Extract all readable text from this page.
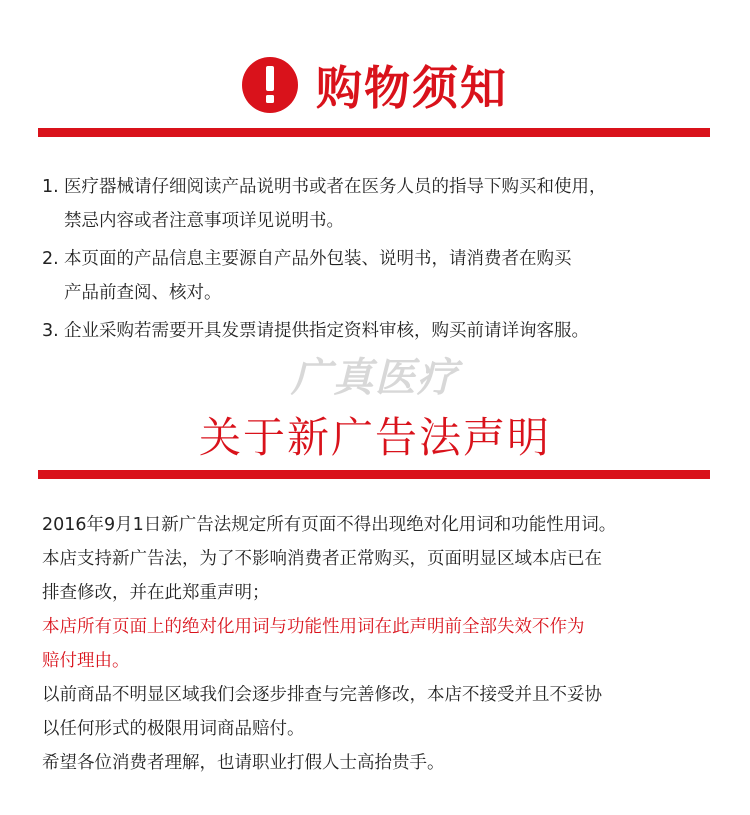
购物须知
1. 医疗器械请仔细阅读产品说明书或者在医务人员的指导下购买和使用，
禁忌内容或者注意事项详见说明书。
2. 本页面的产品信息主要源自产品外包装、说明书，请消费者在购买
产品前查阅、核对。
3. 企业采购若需要开具发票请提供指定资料审核，购买前请详询客服。
广真医疗
关于新广告法声明

2016年9月1日新广告法规定所有页面不得出现绝对化用词和功能性用词。

本店支持新广告法，为了不影响消费者正常购买，页面明显区域本店已在

排查修改，并在此郑重声明；

本店所有页面上的绝对化用词与功能性用词在此声明前全部失效不作为

赔付理由。

以前商品不明显区域我们会逐步排查与完善修改，本店不接受并且不妥协

以任何形式的极限用词商品赔付。

希望各位消费者理解，也请职业打假人士高抬贵手。
